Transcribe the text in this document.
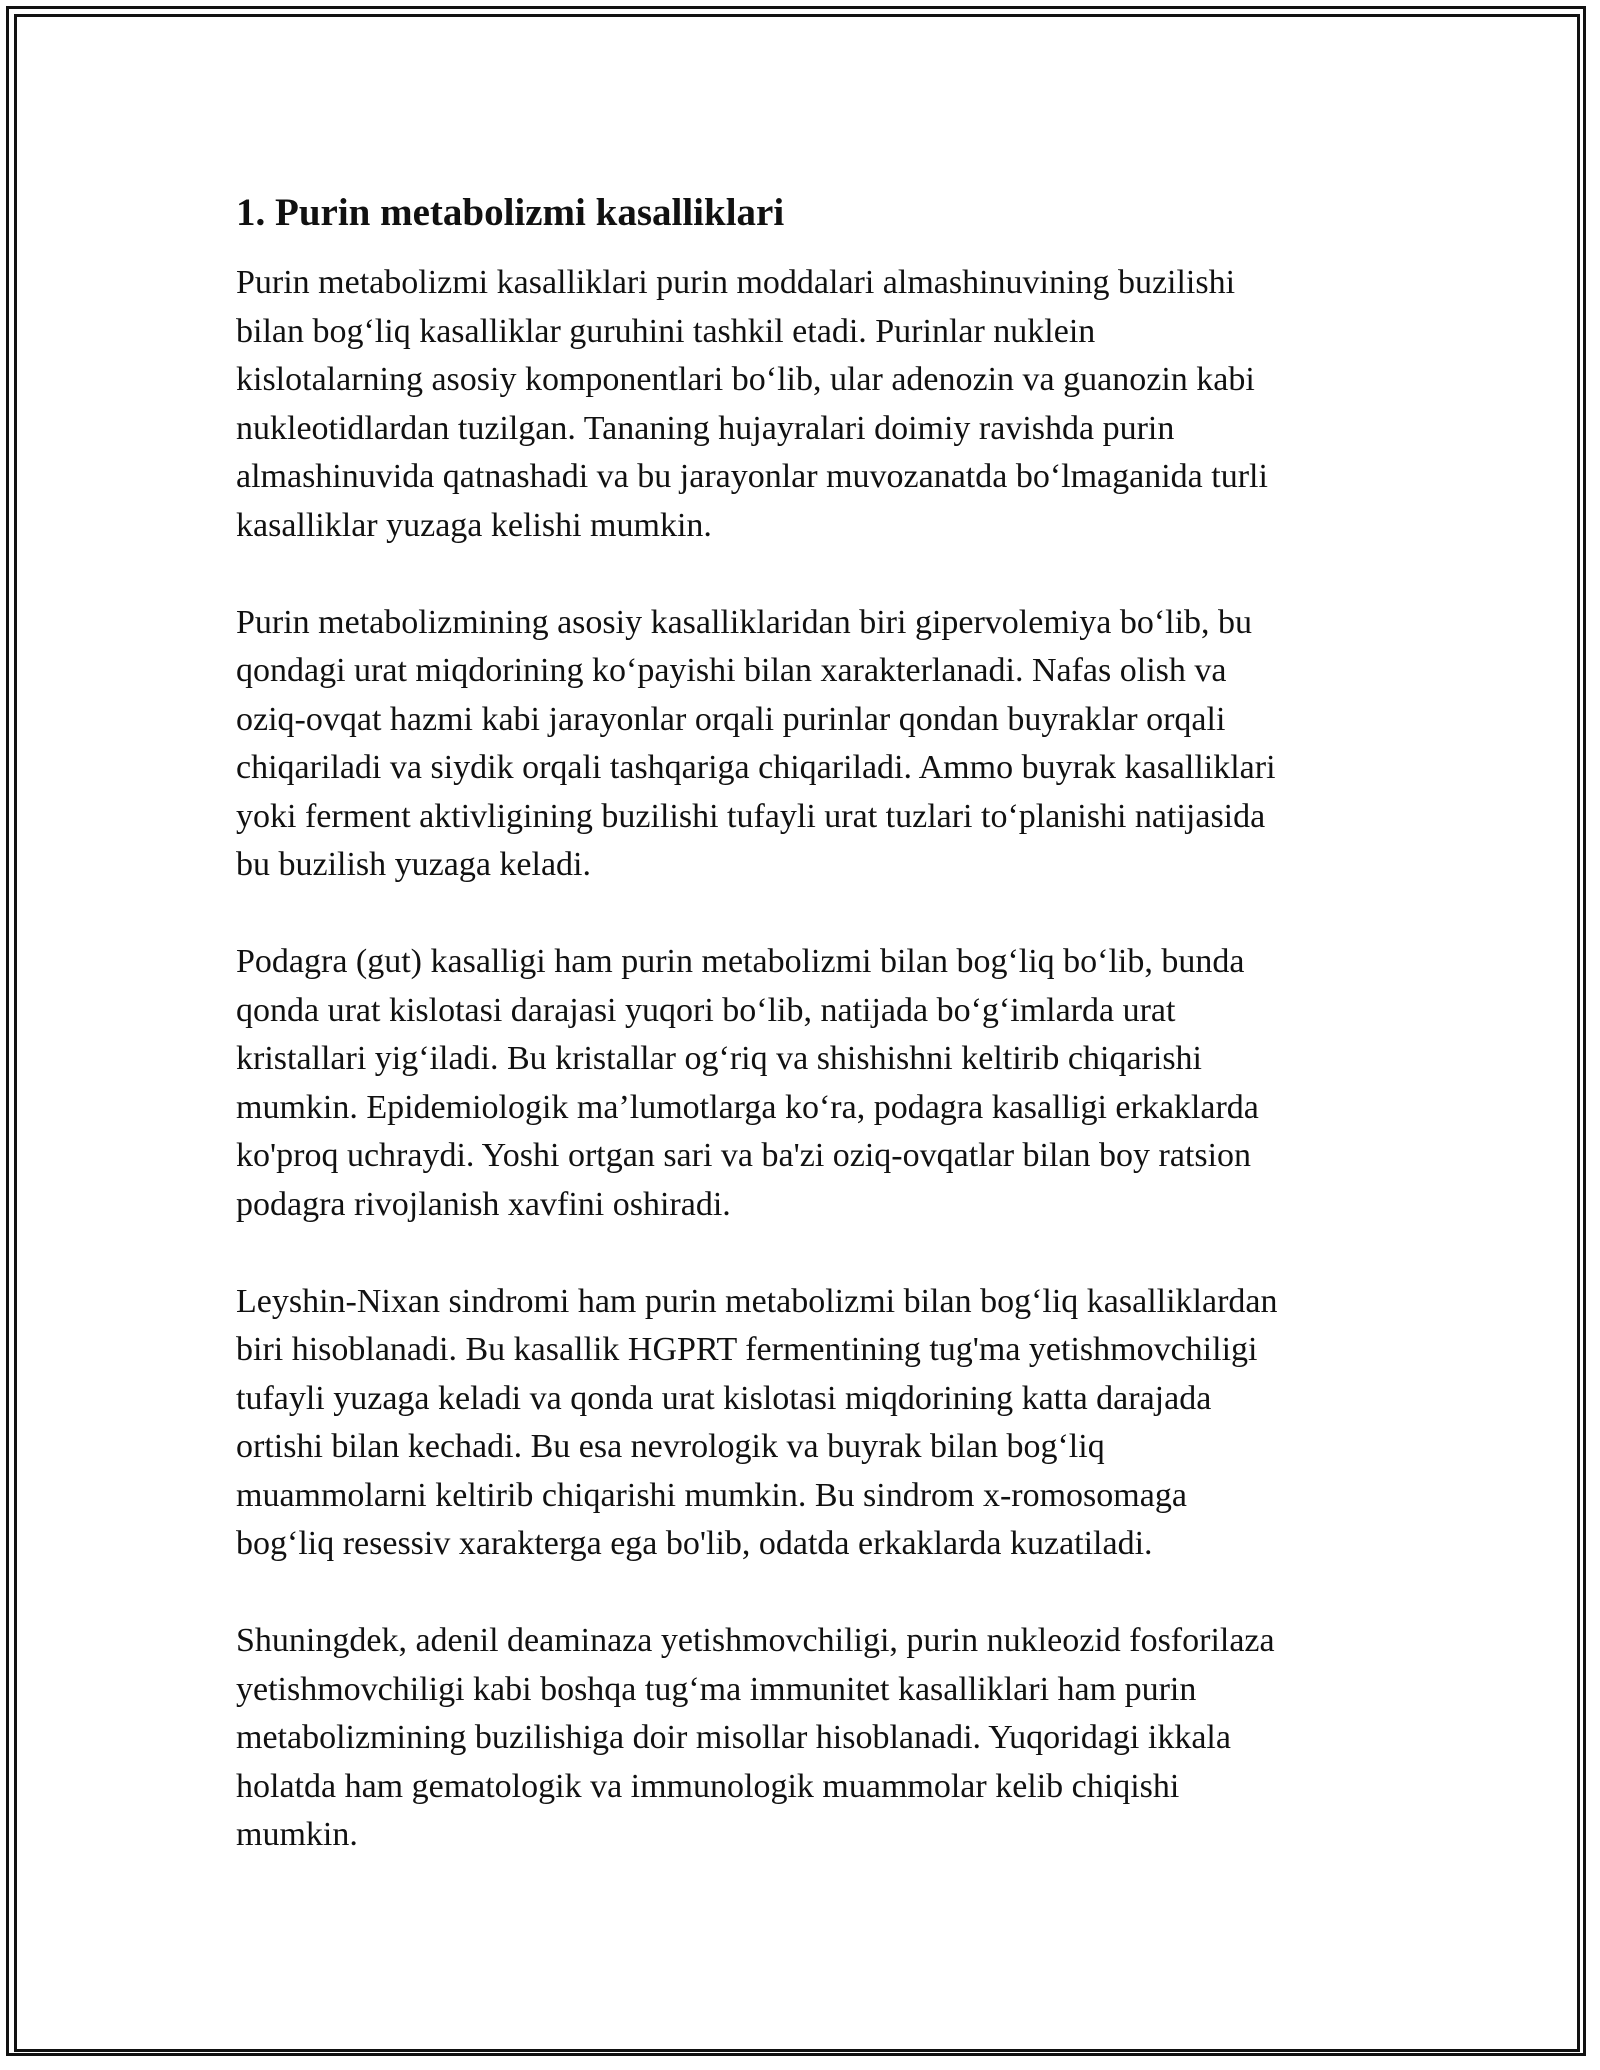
1. Purin metabolizmi kasalliklari

Purin metabolizmi kasalliklari purin moddalari almashinuvining buzilishi
bilan bog‘liq kasalliklar guruhini tashkil etadi. Purinlar nuklein
kislotalarning asosiy komponentlari bo‘lib, ular adenozin va guanozin kabi
nukleotidlardan tuzilgan. Tananing hujayralari doimiy ravishda purin
almashinuvida qatnashadi va bu jarayonlar muvozanatda bo‘lmaganida turli
kasalliklar yuzaga kelishi mumkin.

Purin metabolizmining asosiy kasalliklaridan biri gipervolemiya bo‘lib, bu
qondagi urat miqdorining ko‘payishi bilan xarakterlanadi. Nafas olish va
oziq-ovqat hazmi kabi jarayonlar orqali purinlar qondan buyraklar orqali
chiqariladi va siydik orqali tashqariga chiqariladi. Ammo buyrak kasalliklari
yoki ferment aktivligining buzilishi tufayli urat tuzlari to‘planishi natijasida
bu buzilish yuzaga keladi.

Podagra (gut) kasalligi ham purin metabolizmi bilan bog‘liq bo‘lib, bunda
qonda urat kislotasi darajasi yuqori bo‘lib, natijada bo‘g‘imlarda urat
kristallari yig‘iladi. Bu kristallar og‘riq va shishishni keltirib chiqarishi
mumkin. Epidemiologik ma’lumotlarga ko‘ra, podagra kasalligi erkaklarda
ko'proq uchraydi. Yoshi ortgan sari va ba'zi oziq-ovqatlar bilan boy ratsion
podagra rivojlanish xavfini oshiradi.

Leyshin-Nixan sindromi ham purin metabolizmi bilan bog‘liq kasalliklardan
biri hisoblanadi. Bu kasallik HGPRT fermentining tug'ma yetishmovchiligi
tufayli yuzaga keladi va qonda urat kislotasi miqdorining katta darajada
ortishi bilan kechadi. Bu esa nevrologik va buyrak bilan bog‘liq
muammolarni keltirib chiqarishi mumkin. Bu sindrom x-romosomaga
bog‘liq resessiv xarakterga ega bo'lib, odatda erkaklarda kuzatiladi.

Shuningdek, adenil deaminaza yetishmovchiligi, purin nukleozid fosforilaza
yetishmovchiligi kabi boshqa tug‘ma immunitet kasalliklari ham purin
metabolizmining buzilishiga doir misollar hisoblanadi. Yuqoridagi ikkala
holatda ham gematologik va immunologik muammolar kelib chiqishi
mumkin.
